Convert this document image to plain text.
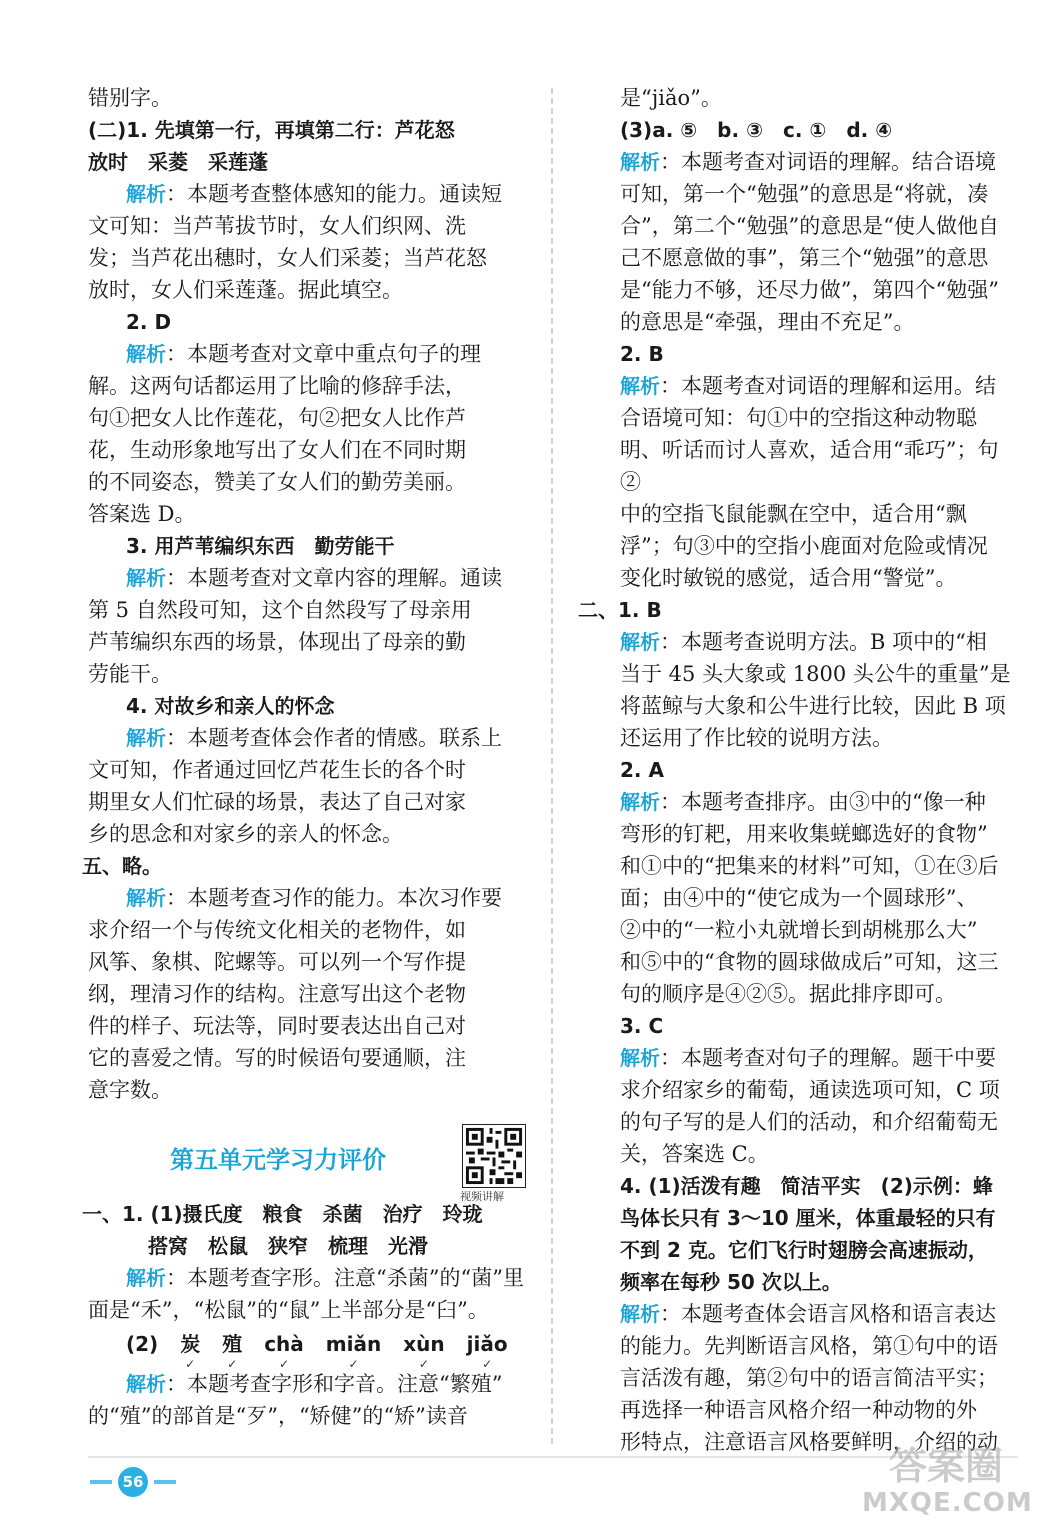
错别字。

(二)1. 先填第一行，再填第二行：芦花怒

放时　采菱　采莲蓬

解析：本题考查整体感知的能力。通读短

文可知：当芦苇拔节时，女人们织网、洗

发；当芦花出穗时，女人们采菱；当芦花怒

放时，女人们采莲蓬。据此填空。

2. D

解析：本题考查对文章中重点句子的理

解。这两句话都运用了比喻的修辞手法，

句①把女人比作莲花，句②把女人比作芦

花，生动形象地写出了女人们在不同时期

的不同姿态，赞美了女人们的勤劳美丽。

答案选 D。

3. 用芦苇编织东西　勤劳能干

解析：本题考查对文章内容的理解。通读

第 5 自然段可知，这个自然段写了母亲用

芦苇编织东西的场景，体现出了母亲的勤

劳能干。

4. 对故乡和亲人的怀念

解析：本题考查体会作者的情感。联系上

文可知，作者通过回忆芦花生长的各个时

期里女人们忙碌的场景，表达了自己对家

乡的思念和对家乡的亲人的怀念。

五、略。

解析：本题考查习作的能力。本次习作要

求介绍一个与传统文化相关的老物件，如

风筝、象棋、陀螺等。可以列一个写作提

纲，理清习作的结构。注意写出这个老物

件的样子、玩法等，同时要表达出自己对

它的喜爱之情。写的时候语句要通顺，注

意字数。

第五单元学习力评价
视频讲解

一、1. (1)摄氏度　粮食　杀菌　治疗　玲珑

搭窝　松鼠　狭窄　梳理　光滑

解析：本题考查字形。注意“杀菌”的“菌”里

面是“禾”，“松鼠”的“鼠”上半部分是“臼”。

(2) 炭
✓
殖
✓
chà
✓
miǎn
✓
xùn
✓
jiǎo
✓

解析：本题考查字形和字音。注意“繁殖”

的“殖”的部首是“歹”，“矫健”的“矫”读音

是“jiǎo”。

(3)a. ⑤　b. ③　c. ①　d. ④

解析：本题考查对词语的理解。结合语境

可知，第一个“勉强”的意思是“将就，凑

合”，第二个“勉强”的意思是“使人做他自

己不愿意做的事”，第三个“勉强”的意思

是“能力不够，还尽力做”，第四个“勉强”

的意思是“牵强，理由不充足”。

2. B

解析：本题考查对词语的理解和运用。结

合语境可知：句①中的空指这种动物聪

明、听话而讨人喜欢，适合用“乖巧”；句②

中的空指飞鼠能飘在空中，适合用“飘

浮”；句③中的空指小鹿面对危险或情况

变化时敏锐的感觉，适合用“警觉”。

二、1. B

解析：本题考查说明方法。B 项中的“相

当于 45 头大象或 1800 头公牛的重量”是

将蓝鲸与大象和公牛进行比较，因此 B 项

还运用了作比较的说明方法。

2. A

解析：本题考查排序。由③中的“像一种

弯形的钉耙，用来收集蜣螂选好的食物”

和①中的“把集来的材料”可知，①在③后

面；由④中的“使它成为一个圆球形”、

②中的“一粒小丸就增长到胡桃那么大”

和⑤中的“食物的圆球做成后”可知，这三

句的顺序是④②⑤。据此排序即可。

3. C

解析：本题考查对句子的理解。题干中要

求介绍家乡的葡萄，通读选项可知，C 项

的句子写的是人们的活动，和介绍葡萄无

关，答案选 C。

4. (1)活泼有趣　简洁平实　(2)示例：蜂

鸟体长只有 3～10 厘米，体重最轻的只有

不到 2 克。它们飞行时翅膀会高速振动，

频率在每秒 50 次以上。

解析：本题考查体会语言风格和语言表达

的能力。先判断语言风格，第①句中的语

言活泼有趣，第②句中的语言简洁平实；

再选择一种语言风格介绍一种动物的外

形特点，注意语言风格要鲜明，介绍的动

56	答案圈
MXQE.COM
